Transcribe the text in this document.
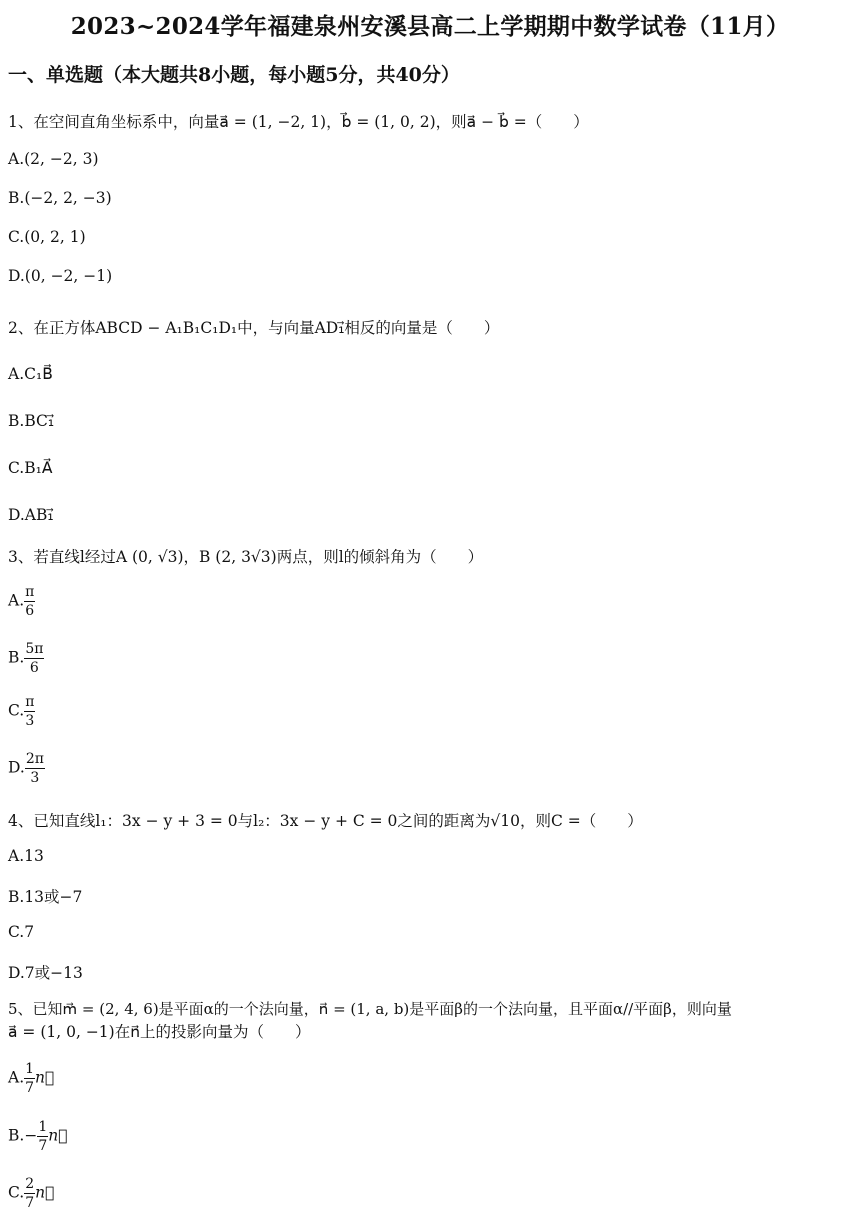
2023~2024学年福建泉州安溪县高二上学期期中数学试卷（11月）
一、单选题（本大题共8小题，每小题5分，共40分）
1、在空间直角坐标系中，向量a⃗ = (1, −2, 1)，b⃗ = (1, 0, 2)，则a⃗ − b⃗ =（　　）
A.(2, −2, 3)
B.(−2, 2, −3)
C.(0, 2, 1)
D.(0, −2, −1)
2、在正方体ABCD − A₁B₁C₁D₁中，与向量AD₁⃗相反的向量是（　　）
A.C₁B⃗
B.BC₁⃗
C.B₁A⃗
D.AB₁⃗
3、若直线l经过A (0, √3)，B (2, 3√3)两点，则l的倾斜角为（　　）
A. $\frac{\pi}{6}$
B. $\frac{5\pi}{6}$
C. $\frac{\pi}{3}$
D. $\frac{2\pi}{3}$
4、已知直线l₁：3x − y + 3 = 0与l₂：3x − y + C = 0之间的距离为√10，则C =（　　）
A.13
B.13或−7
C.7
D.7或−13
5、已知m⃗ = (2, 4, 6)是平面α的一个法向量，n⃗ = (1, a, b)是平面β的一个法向量，且平面α//平面β，则向量
a⃗ = (1, 0, −1)在n⃗上的投影向量为（　　）
A. $\frac{1}{7}$ n⃗
$B.- \frac{1}{7}$ n⃗
C. $\frac{2}{7}$ n⃗
